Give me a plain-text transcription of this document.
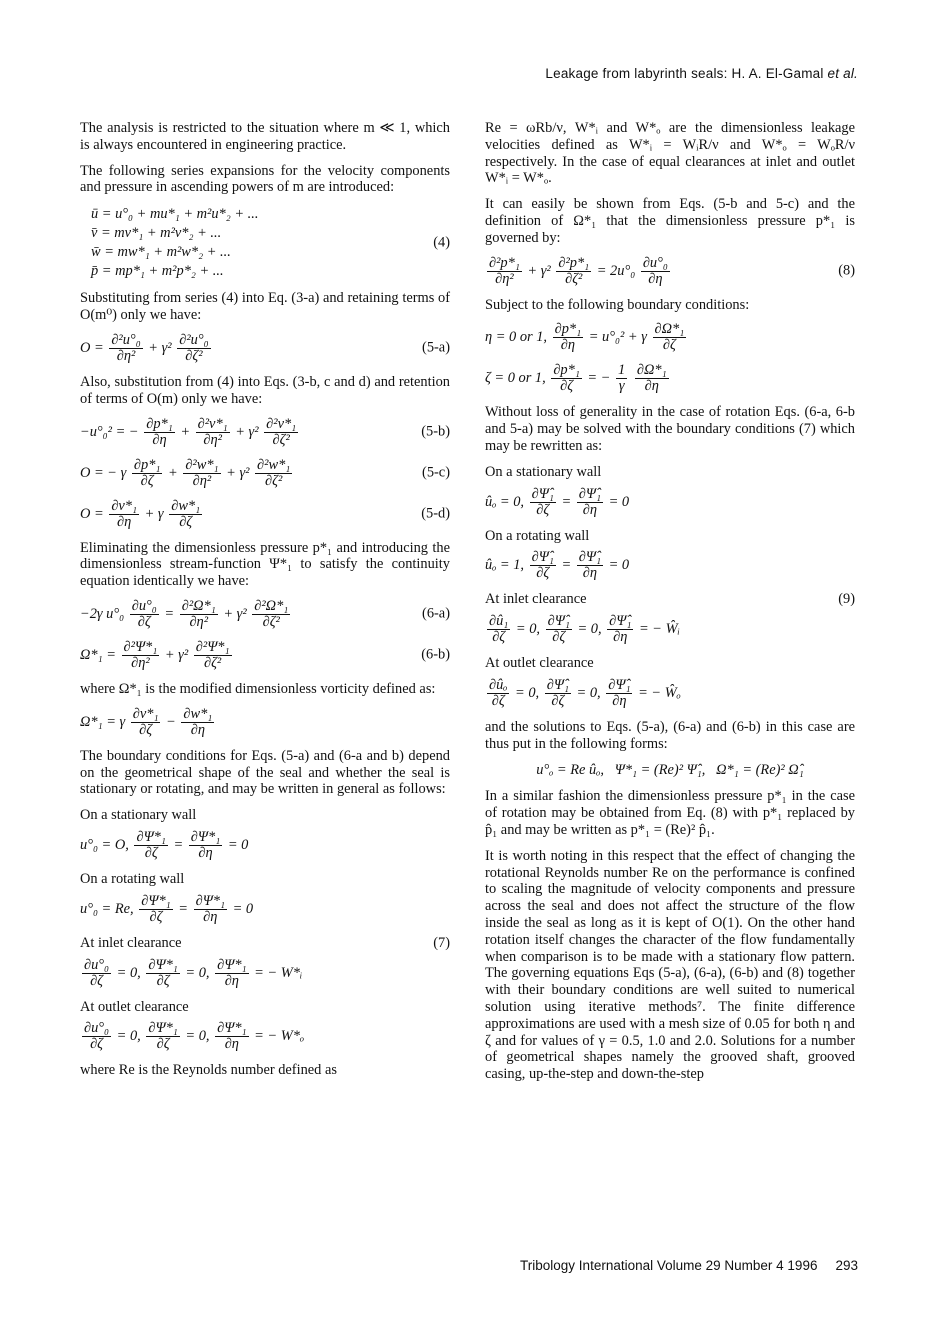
Leakage from labyrinth seals: H. A. El-Gamal et al.

The analysis is restricted to the situation where m ≪ 1, which is always encountered in engineering practice.

The following series expansions for the velocity components and pressure in ascending powers of m are introduced:

ū = u°₀ + mu*₁ + m²u*₂ + ...
v̄ = mv*₁ + m²v*₂ + ...
w̄ = mw*₁ + m²w*₂ + ...
p̄ = mp*₁ + m²p*₂ + ...
(4)

Substituting from series (4) into Eq. (3-a) and retaining terms of O(m⁰) only we have:

$O = \frac{\text{∂²u°₀}}{\text{∂η²}} + \gamma^2 \frac{\text{∂²u°₀}}{\text{∂ζ²}}$	(5-a)

Also, substitution from (4) into Eqs. (3-b, c and d) and retention of terms of O(m) only we have:

−u°₀² = − $\frac{\text{∂p*₁}}{\partial\eta} + \frac{\text{∂²v*₁}}{\text{∂η²}} + \gamma^2 \frac{\text{∂²v*₁}}{\text{∂ζ²}}$	(5-b)
O = − γ $\frac{\text{∂p*₁}}{\partial\zeta} + \frac{\text{∂²w*₁}}{\text{∂η²}} + \gamma^2 \frac{\text{∂²w*₁}}{\text{∂ζ²}}$	(5-c)
$O = \frac{\text{∂v*₁}}{\partial\eta} + \gamma \frac{\text{∂w*₁}}{\partial\zeta}$	(5-d)

Eliminating the dimensionless pressure p*₁ and introducing the dimensionless stream-function Ψ*₁ to satisfy the continuity equation identically we have:

−2γ $u^\circ_0 \frac{\text{∂u°₀}}{\partial\zeta} = \frac{\text{∂²Ω*₁}}{\text{∂η²}} + \gamma^2 \frac{\text{∂²Ω*₁}}{\text{∂ζ²}}$	(6-a)
$\Omega*_1 = \frac{\text{∂²Ψ*₁}}{\text{∂η²}} + \gamma^2 \frac{\text{∂²Ψ*₁}}{\text{∂ζ²}}$	(6-b)

where Ω*₁ is the modified dimensionless vorticity defined as:

Ω*₁ = γ $\frac{\text{∂v*₁}}{\partial\zeta} - \frac{\text{∂w*₁}}{\partial\eta}$

The boundary conditions for Eqs. (5-a) and (6-a and b) depend on the geometrical shape of the seal and whether the seal is stationary or rotating, and may be written in general as follows:

On a stationary wall
u°₀ = O, $\frac{\text{∂Ψ*₁}}{\partial\zeta} = \frac{\text{∂Ψ*₁}}{\partial\eta} = 0$
On a rotating wall
u°₀ = Re, $\frac{\text{∂Ψ*₁}}{\partial\zeta} = \frac{\text{∂Ψ*₁}}{\partial\eta} = 0$
At inlet clearance	(7)
$\frac{\text{∂u°₀}}{\partial\zeta} = 0$, $\frac{\text{∂Ψ*₁}}{\partial\zeta} = 0$, $\frac{\text{∂Ψ*₁}}{\partial\eta}$ = − W*ᵢ
At outlet clearance
$\frac{\text{∂u°₀}}{\partial\zeta} = 0$, $\frac{\text{∂Ψ*₁}}{\partial\zeta} = 0$, $\frac{\text{∂Ψ*₁}}{\partial\eta}$ = − W*ₒ

where Re is the Reynolds number defined as

Re = ωRb/ν, W*ᵢ and W*ₒ are the dimensionless leakage velocities defined as W*ᵢ = WᵢR/ν and W*ₒ = WₒR/ν respectively. In the case of equal clearances at inlet and outlet W*ᵢ = W*ₒ.

It can easily be shown from Eqs. (5-b and 5-c) and the definition of Ω*₁ that the dimensionless pressure p*₁ is governed by:

$\frac{\text{∂²p*₁}}{\text{∂η²}} + \gamma^2 \frac{\text{∂²p*₁}}{\text{∂ζ²}} = 2u^\circ_0 \frac{\text{∂u°₀}}{\partial\eta}$	(8)

Subject to the following boundary conditions:

η = 0 or 1, $\frac{\text{∂p*₁}}{\partial\eta} = u^\circ_0^2 + \gamma \frac{\text{∂Ω*₁}}{\partial\zeta}$
ζ = 0 or 1, $\frac{\text{∂p*₁}}{\partial\zeta}$ = − $\frac{1}{\gamma}$
$\frac{\text{∂Ω*₁}}{\partial\eta}$

Without loss of generality in the case of rotation Eqs. (6-a, 6-b and 5-a) may be solved with the boundary conditions (7) which may be rewritten as:

On a stationary wall
ûₒ = 0, $\frac{\text{∂Ψ̂₁}}{\partial\zeta} = \frac{\text{∂Ψ̂₁}}{\partial\eta} = 0$
On a rotating wall
ûₒ = 1, $\frac{\text{∂Ψ̂₁}}{\partial\zeta} = \frac{\text{∂Ψ̂₁}}{\partial\eta} = 0$
At inlet clearance	(9)
$\frac{\text{∂û₁}}{\partial\zeta} = 0$, $\frac{\text{∂Ψ̂₁}}{\partial\zeta} = 0$, $\frac{\text{∂Ψ̂₁}}{\partial\eta}$ = − Ŵᵢ
At outlet clearance
$\frac{\text{∂ûₒ}}{\partial\zeta} = 0$, $\frac{\text{∂Ψ̂₁}}{\partial\zeta} = 0$, $\frac{\text{∂Ψ̂₁}}{\partial\eta}$ = − Ŵₒ

and the solutions to Eqs. (5-a), (6-a) and (6-b) in this case are thus put in the following forms:

u°ₒ = Re ûₒ,   Ψ*₁ = (Re)² Ψ̂₁,   Ω*₁ = (Re)² Ω̂₁

In a similar fashion the dimensionless pressure p*₁ in the case of rotation may be obtained from Eq. (8) with p*₁ replaced by p̂₁ and may be written as p*₁ = (Re)² p̂₁.

It is worth noting in this respect that the effect of changing the rotational Reynolds number Re on the performance is confined to scaling the magnitude of velocity components and pressure across the seal and does not affect the structure of the flow inside the seal as long as it is kept of O(1). On the other hand rotation itself changes the character of the flow fundamentally when comparison is to be made with a stationary flow pattern. The governing equations Eqs (5-a), (6-a), (6-b) and (8) together with their boundary conditions are well suited to numerical solution using iterative methods⁷. The finite difference approximations are used with a mesh size of 0.05 for both η and ζ and for values of γ = 0.5, 1.0 and 2.0. Solutions for a number of geometrical shapes namely the grooved shaft, grooved casing, up-the-step and down-the-step

Tribology International Volume 29 Number 4 1996 293
